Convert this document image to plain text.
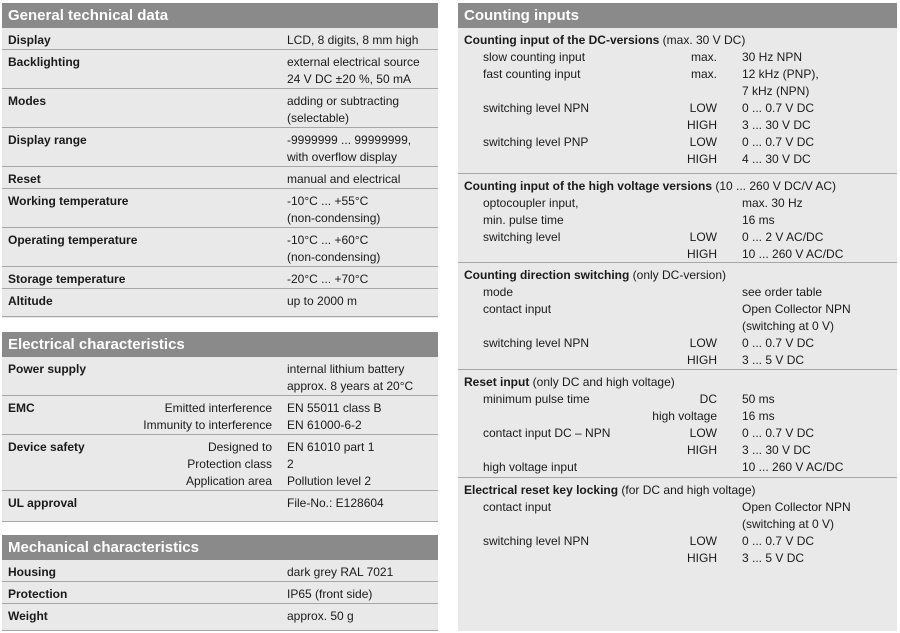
General technical data
Display	LCD, 8 digits, 8 mm high
Backlighting	external electrical source
24 V DC ±20 %, 50 mA
Modes	adding or subtracting
(selectable)
Display range	-9999999 ... 99999999,
with overflow display
Reset	manual and electrical
Working temperature	-10°C ... +55°C
(non-condensing)
Operating temperature	-10°C ... +60°C
(non-condensing)
Storage temperature	-20°C ... +70°C
Altitude	up to 2000 m
Electrical characteristics
Power supply	internal lithium battery
approx. 8 years at 20°C
EMC	Emitted interference EN 55011 class B
Immunity to interference EN 61000-6-2
Device safety	Designed to EN 61010 part 1
Protection class 2
Application area Pollution level 2
UL approval	File-No.: E128604
Mechanical characteristics
Housing	dark grey RAL 7021
Protection	IP65 (front side)
Weight	approx. 50 g
Counting inputs
Counting input of the DC-versions (max. 30 V DC)
slow counting input	max. 30 Hz NPN
fast counting input	max. 12 kHz (PNP),
7 kHz (NPN)
switching level NPN	LOW 0 ... 0.7 V DC
HIGH 3 ... 30 V DC
switching level PNP	LOW 0 ... 0.7 V DC
HIGH 4 ... 30 V DC
Counting input of the high voltage versions (10 ... 260 V DC/V AC)
optocoupler input,	max. 30 Hz
min. pulse time	16 ms
switching level	LOW 0 ... 2 V AC/DC
HIGH 10 ... 260 V AC/DC
Counting direction switching (only DC-version)
mode	see order table
contact input	Open Collector NPN
(switching at 0 V)
switching level NPN	LOW 0 ... 0.7 V DC
HIGH 3 ... 5 V DC
Reset input (only DC and high voltage)
minimum pulse time	DC 50 ms
high voltage 16 ms
contact input DC – NPN	LOW 0 ... 0.7 V DC
HIGH 3 ... 30 V DC
high voltage input	10 ... 260 V AC/DC
Electrical reset key locking (for DC and high voltage)
contact input	Open Collector NPN
(switching at 0 V)
switching level NPN	LOW 0 ... 0.7 V DC
HIGH 3 ... 5 V DC
